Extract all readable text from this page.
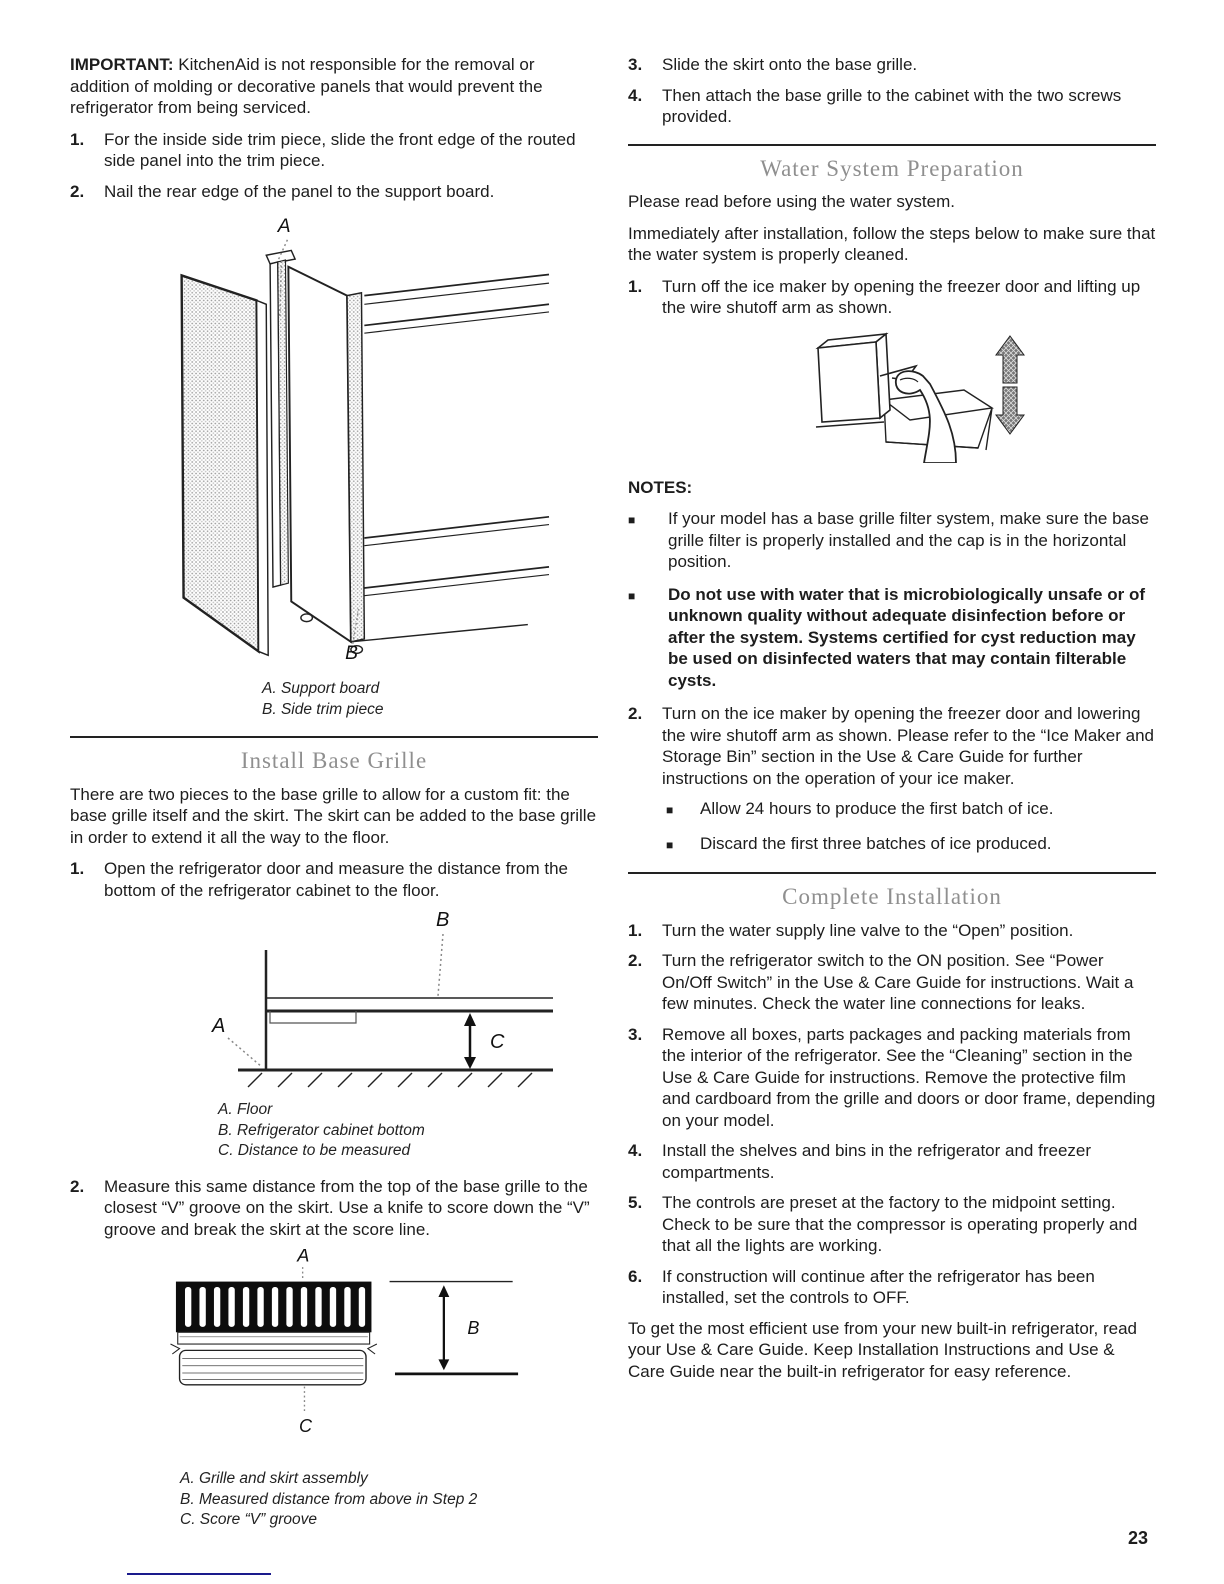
IMPORTANT: KitchenAid is not responsible for the removal or addition of molding or decorative panels that would prevent the refrigerator from being serviced.

1.	For the inside side trim piece, slide the front edge of the routed side panel into the trim piece.
2.	Nail the rear edge of the panel to the support board.
A
B
A. Support board
B. Side trim piece
Install Base Grille

There are two pieces to the base grille to allow for a custom fit: the base grille itself and the skirt. The skirt can be added to the base grille in order to extend it all the way to the floor.

1.	Open the refrigerator door and measure the distance from the bottom of the refrigerator cabinet to the floor.
C
B
A
A. Floor
B. Refrigerator cabinet bottom
C. Distance to be measured
2.	Measure this same distance from the top of the base grille to the closest “V” groove on the skirt. Use a knife to score down the “V” groove and break the skirt at the score line.
A
C
B
A. Grille and skirt assembly
B. Measured distance from above in Step 2
C. Score “V” groove
3.	Slide the skirt onto the base grille.
4.	Then attach the base grille to the cabinet with the two screws provided.
Water System Preparation

Please read before using the water system.

Immediately after installation, follow the steps below to make sure that the water system is properly cleaned.

1.	Turn off the ice maker by opening the freezer door and lifting up the wire shutoff arm as shown.
NOTES:
■	If your model has a base grille filter system, make sure the base grille filter is properly installed and the cap is in the horizontal position.
■	Do not use with water that is microbiologically unsafe or of unknown quality without adequate disinfection before or after the system. Systems certified for cyst reduction may be used on disinfected waters that may contain filterable cysts.
2.	Turn on the ice maker by opening the freezer door and lowering the wire shutoff arm as shown. Please refer to the “Ice Maker and Storage Bin” section in the Use & Care Guide for further instructions on the operation of your ice maker.
■	Allow 24 hours to produce the first batch of ice.
■	Discard the first three batches of ice produced.
Complete Installation
1.	Turn the water supply line valve to the “Open” position.
2.	Turn the refrigerator switch to the ON position. See “Power On/Off Switch” in the Use & Care Guide for instructions. Wait a few minutes. Check the water line connections for leaks.
3.	Remove all boxes, parts packages and packing materials from the interior of the refrigerator. See the “Cleaning” section in the Use & Care Guide for instructions. Remove the protective film and cardboard from the grille and doors or door frame, depending on your model.
4.	Install the shelves and bins in the refrigerator and freezer compartments.
5.	The controls are preset at the factory to the midpoint setting. Check to be sure that the compressor is operating properly and that all the lights are working.
6.	If construction will continue after the refrigerator has been installed, set the controls to OFF.

To get the most efficient use from your new built-in refrigerator, read your Use & Care Guide. Keep Installation Instructions and Use & Care Guide near the built-in refrigerator for easy reference.

23
